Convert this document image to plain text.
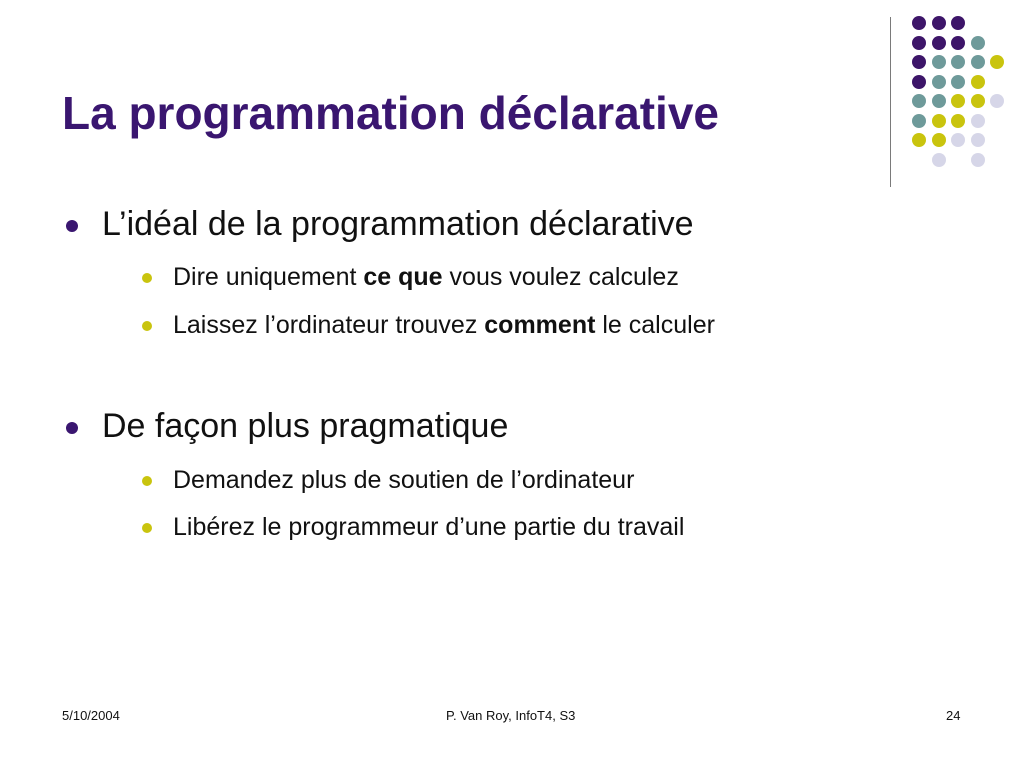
La programmation déclarative
L’idéal de la programmation déclarative
Dire uniquement ce que vous voulez calculez
Laissez l’ordinateur trouvez comment le calculer
De façon plus pragmatique
Demandez plus de soutien de l’ordinateur
Libérez le programmeur d’une partie du travail
5/10/2004	P. Van Roy, InfoT4, S3	24
